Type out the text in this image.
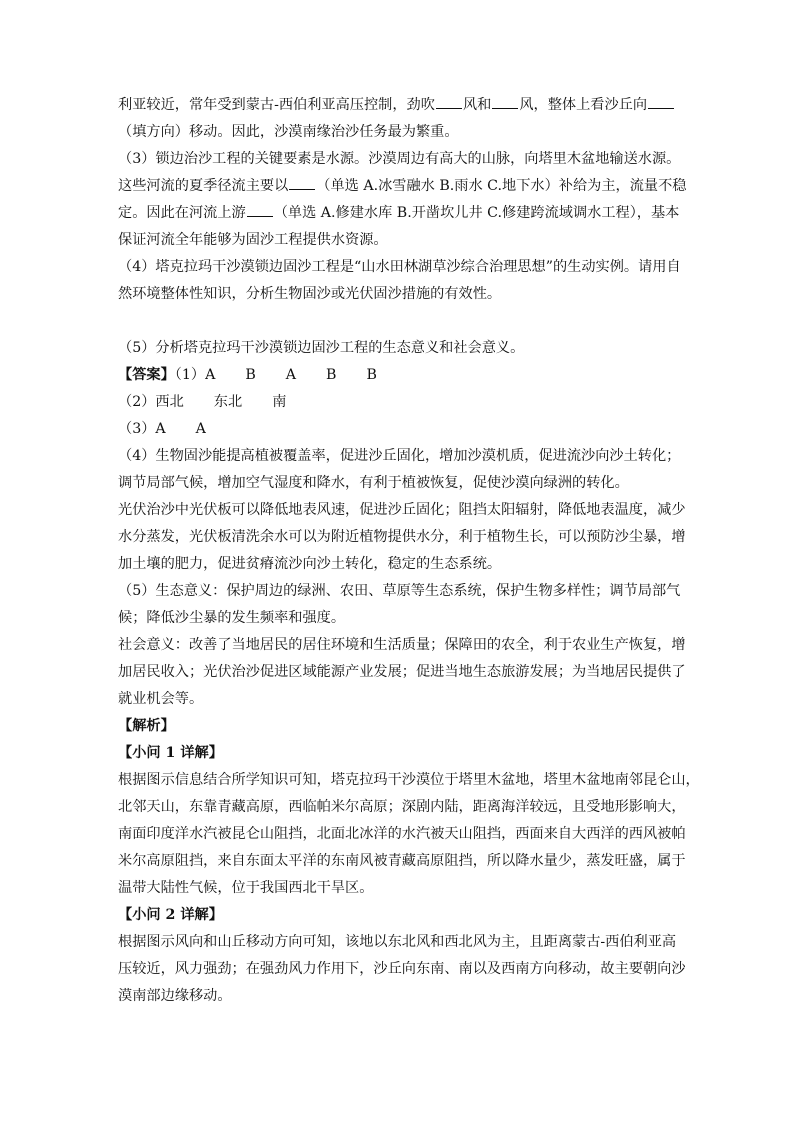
利亚较近，常年受到蒙古-西伯利亚高压控制，劲吹 风和 风，整体上看沙丘向
（填方向）移动。因此，沙漠南缘治沙任务最为繁重。
（3）锁边治沙工程的关键要素是水源。沙漠周边有高大的山脉，向塔里木盆地输送水源。
这些河流的夏季径流主要以 （单选 A.冰雪融水 B.雨水 C.地下水）补给为主，流量不稳
定。因此在河流上游 （单选 A.修建水库 B.开凿坎儿井 C.修建跨流域调水工程），基本
保证河流全年能够为固沙工程提供水资源。
（4）塔克拉玛干沙漠锁边固沙工程是“山水田林湖草沙综合治理思想”的生动实例。请用自
然环境整体性知识，分析生物固沙或光伏固沙措施的有效性。
（5）分析塔克拉玛干沙漠锁边固沙工程的生态意义和社会意义。
【答案】（1）A B A B B
（2）西北 东北 南
（3）A A
（4）生物固沙能提高植被覆盖率，促进沙丘固化，增加沙漠机质，促进流沙向沙土转化；
调节局部气候，增加空气湿度和降水，有利于植被恢复，促使沙漠向绿洲的转化。
光伏治沙中光伏板可以降低地表风速，促进沙丘固化；阻挡太阳辐射，降低地表温度，减少
水分蒸发，光伏板清洗余水可以为附近植物提供水分，利于植物生长，可以预防沙尘暴，增
加土壤的肥力，促进贫瘠流沙向沙土转化，稳定的生态系统。
（5）生态意义：保护周边的绿洲、农田、草原等生态系统，保护生物多样性；调节局部气
候；降低沙尘暴的发生频率和强度。
社会意义：改善了当地居民的居住环境和生活质量；保障田的农全，利于农业生产恢复，增
加居民收入；光伏治沙促进区域能源产业发展；促进当地生态旅游发展；为当地居民提供了
就业机会等。
【解析】
【小问 1 详解】
根据图示信息结合所学知识可知，塔克拉玛干沙漠位于塔里木盆地，塔里木盆地南邻昆仑山，
北邻天山，东靠青藏高原，西临帕米尔高原；深剧内陆，距离海洋较远，且受地形影响大，
南面印度洋水汽被昆仑山阻挡，北面北冰洋的水汽被天山阻挡，西面来自大西洋的西风被帕
米尔高原阻挡，来自东面太平洋的东南风被青藏高原阻挡，所以降水量少，蒸发旺盛，属于
温带大陆性气候，位于我国西北干旱区。
【小问 2 详解】
根据图示风向和山丘移动方向可知，该地以东北风和西北风为主，且距离蒙古-西伯利亚高
压较近，风力强劲；在强劲风力作用下，沙丘向东南、南以及西南方向移动，故主要朝向沙
漠南部边缘移动。
